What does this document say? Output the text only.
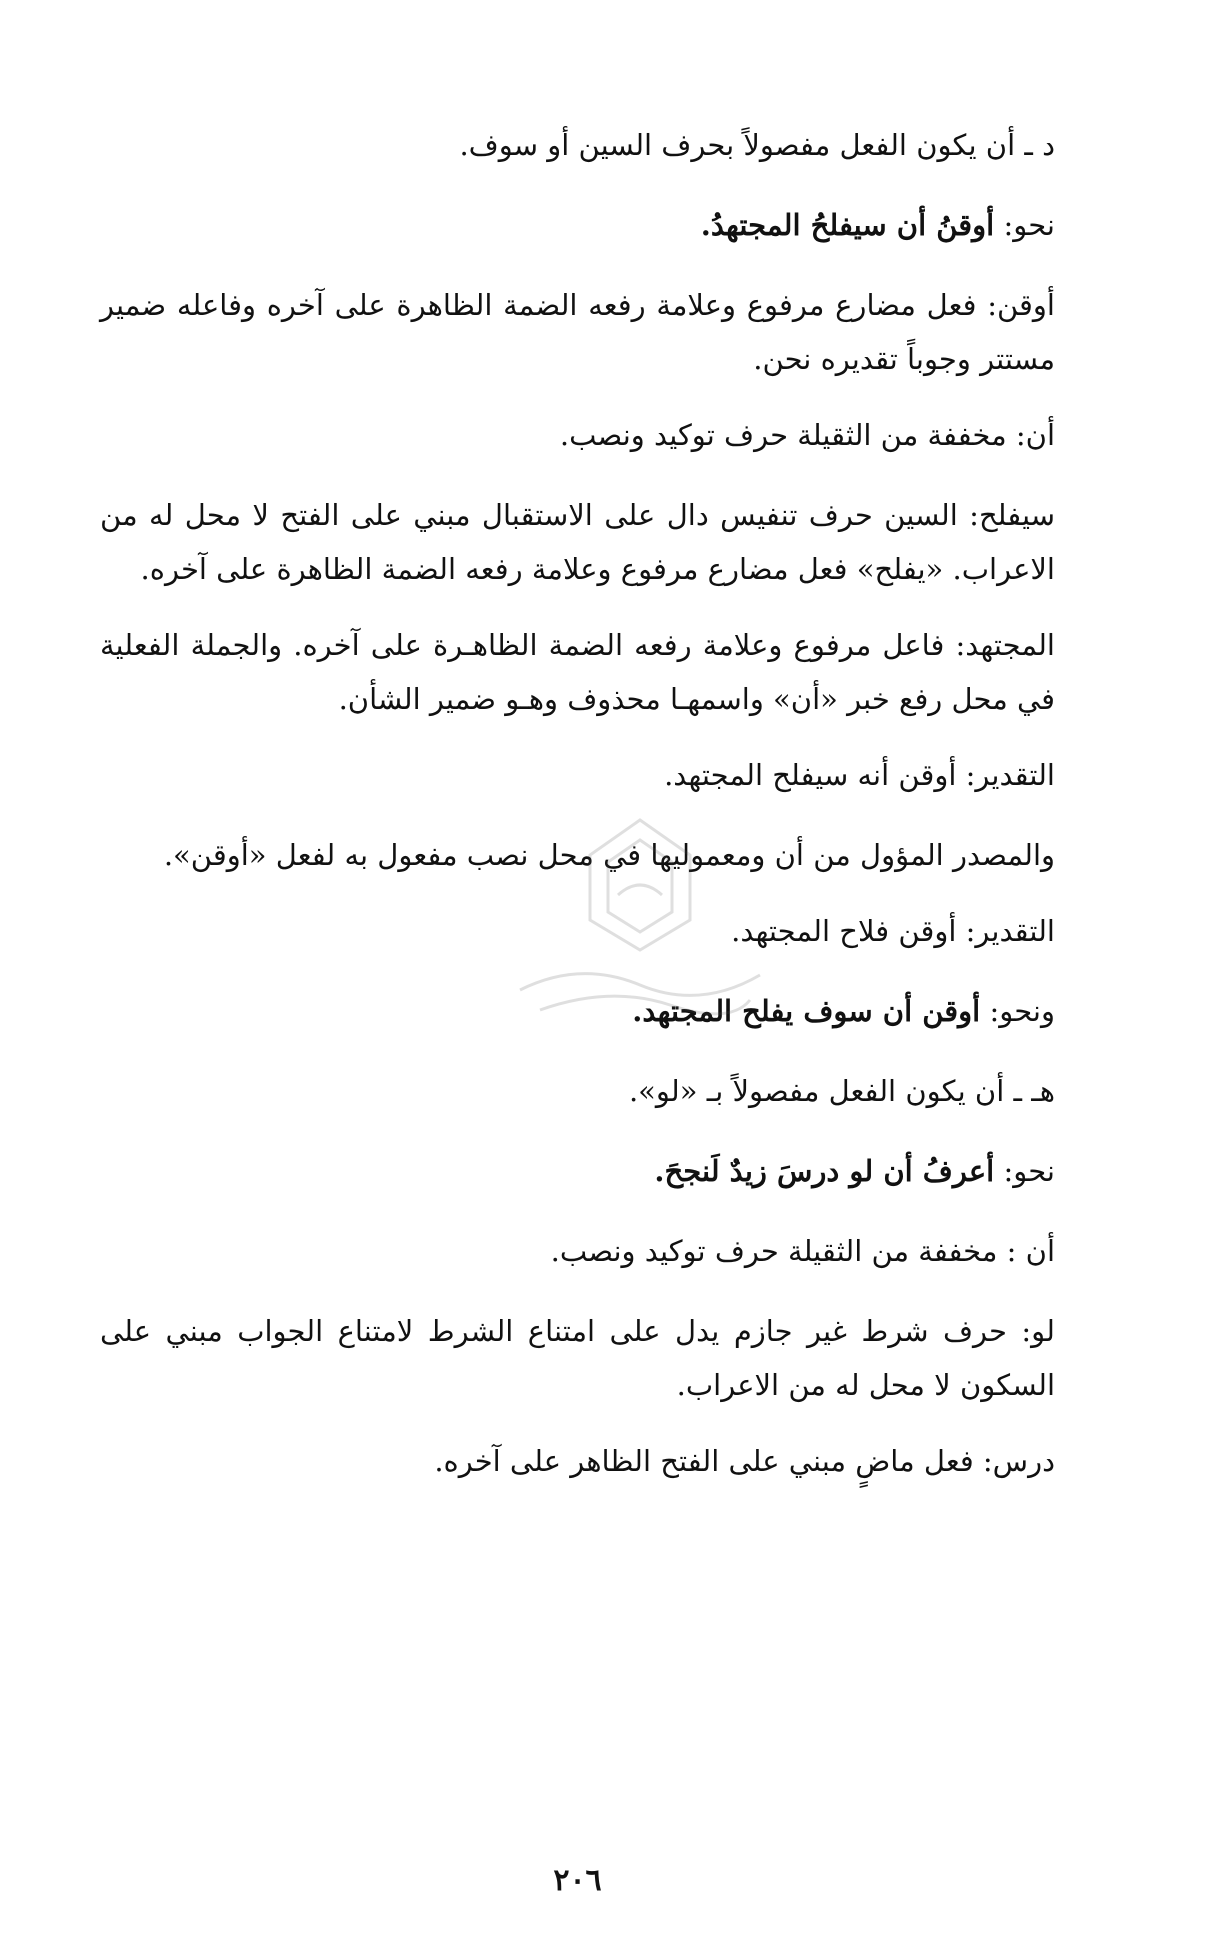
د ـ أن يكون الفعل مفصولاً بحرف السين أو سوف.

نحو: أوقنُ أن سيفلحُ المجتهدُ.

أوقن: فعل مضارع مرفوع وعلامة رفعه الضمة الظاهرة على آخره وفاعله ضمير مستتر وجوباً تقديره نحن.

أن: مخففة من الثقيلة حرف توكيد ونصب.

سيفلح: السين حرف تنفيس دال على الاستقبال مبني على الفتح لا محل له من الاعراب. «يفلح» فعل مضارع مرفوع وعلامة رفعه الضمة الظاهرة على آخره.

المجتهد: فاعل مرفوع وعلامة رفعه الضمة الظاهـرة على آخره. والجملة الفعلية في محل رفع خبر «أن» واسمهـا محذوف وهـو ضمير الشأن.

التقدير: أوقن أنه سيفلح المجتهد.

والمصدر المؤول من أن ومعموليها في محل نصب مفعول به لفعل «أوقن».

التقدير: أوقن فلاح المجتهد.

ونحو: أوقن أن سوف يفلح المجتهد.

هـ ـ أن يكون الفعل مفصولاً بـ «لو».

نحو: أعرفُ أن لو درسَ زيدٌ لَنجحَ.

أن : مخففة من الثقيلة حرف توكيد ونصب.

لو: حرف شرط غير جازم يدل على امتناع الشرط لامتناع الجواب مبني على السكون لا محل له من الاعراب.

درس: فعل ماضٍ مبني على الفتح الظاهر على آخره.

٢٠٦
